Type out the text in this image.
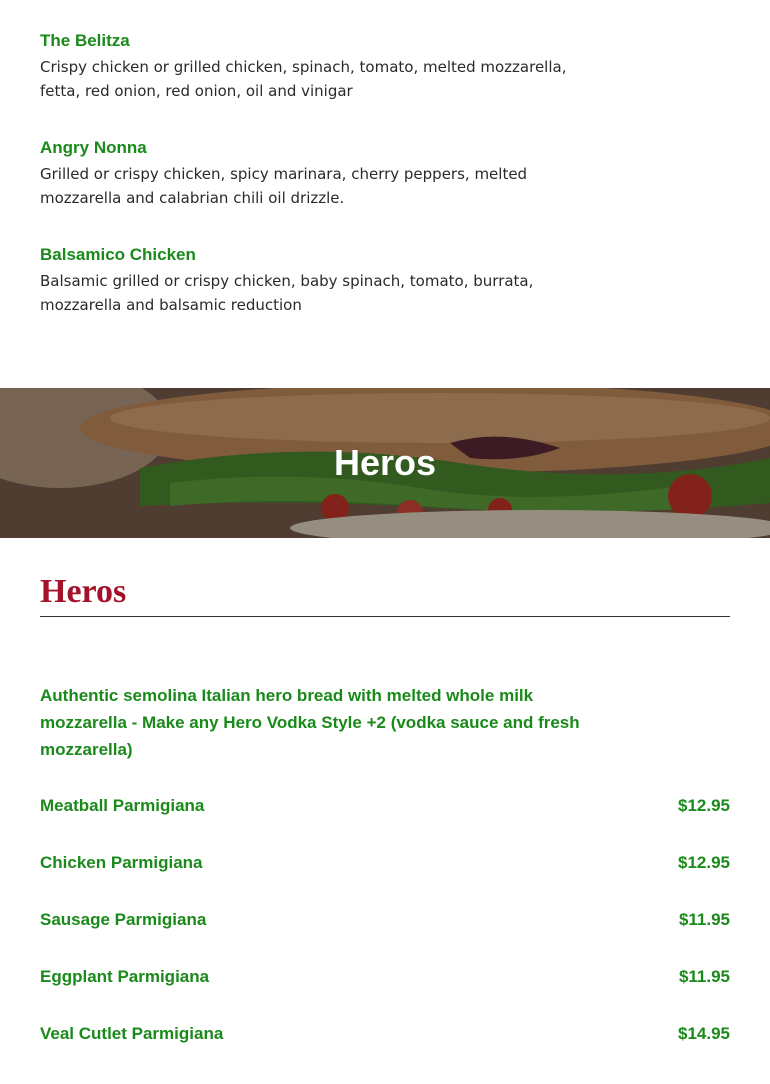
The Belitza

Crispy chicken or grilled chicken, spinach, tomato, melted mozzarella, fetta, red onion, red onion, oil and vinigar

Angry Nonna

Grilled or crispy chicken, spicy marinara, cherry peppers, melted mozzarella and calabrian chili oil drizzle.

Balsamico Chicken

Balsamic grilled or crispy chicken, baby spinach, tomato, burrata, mozzarella and balsamic reduction

Heros
Heros

Authentic semolina Italian hero bread with melted whole milk mozzarella - Make any Hero Vodka Style +2 (vodka sauce and fresh mozzarella)

Meatball Parmigiana	$12.95
Chicken Parmigiana	$12.95
Sausage Parmigiana	$11.95
Eggplant Parmigiana	$11.95
Veal Cutlet Parmigiana	$14.95
